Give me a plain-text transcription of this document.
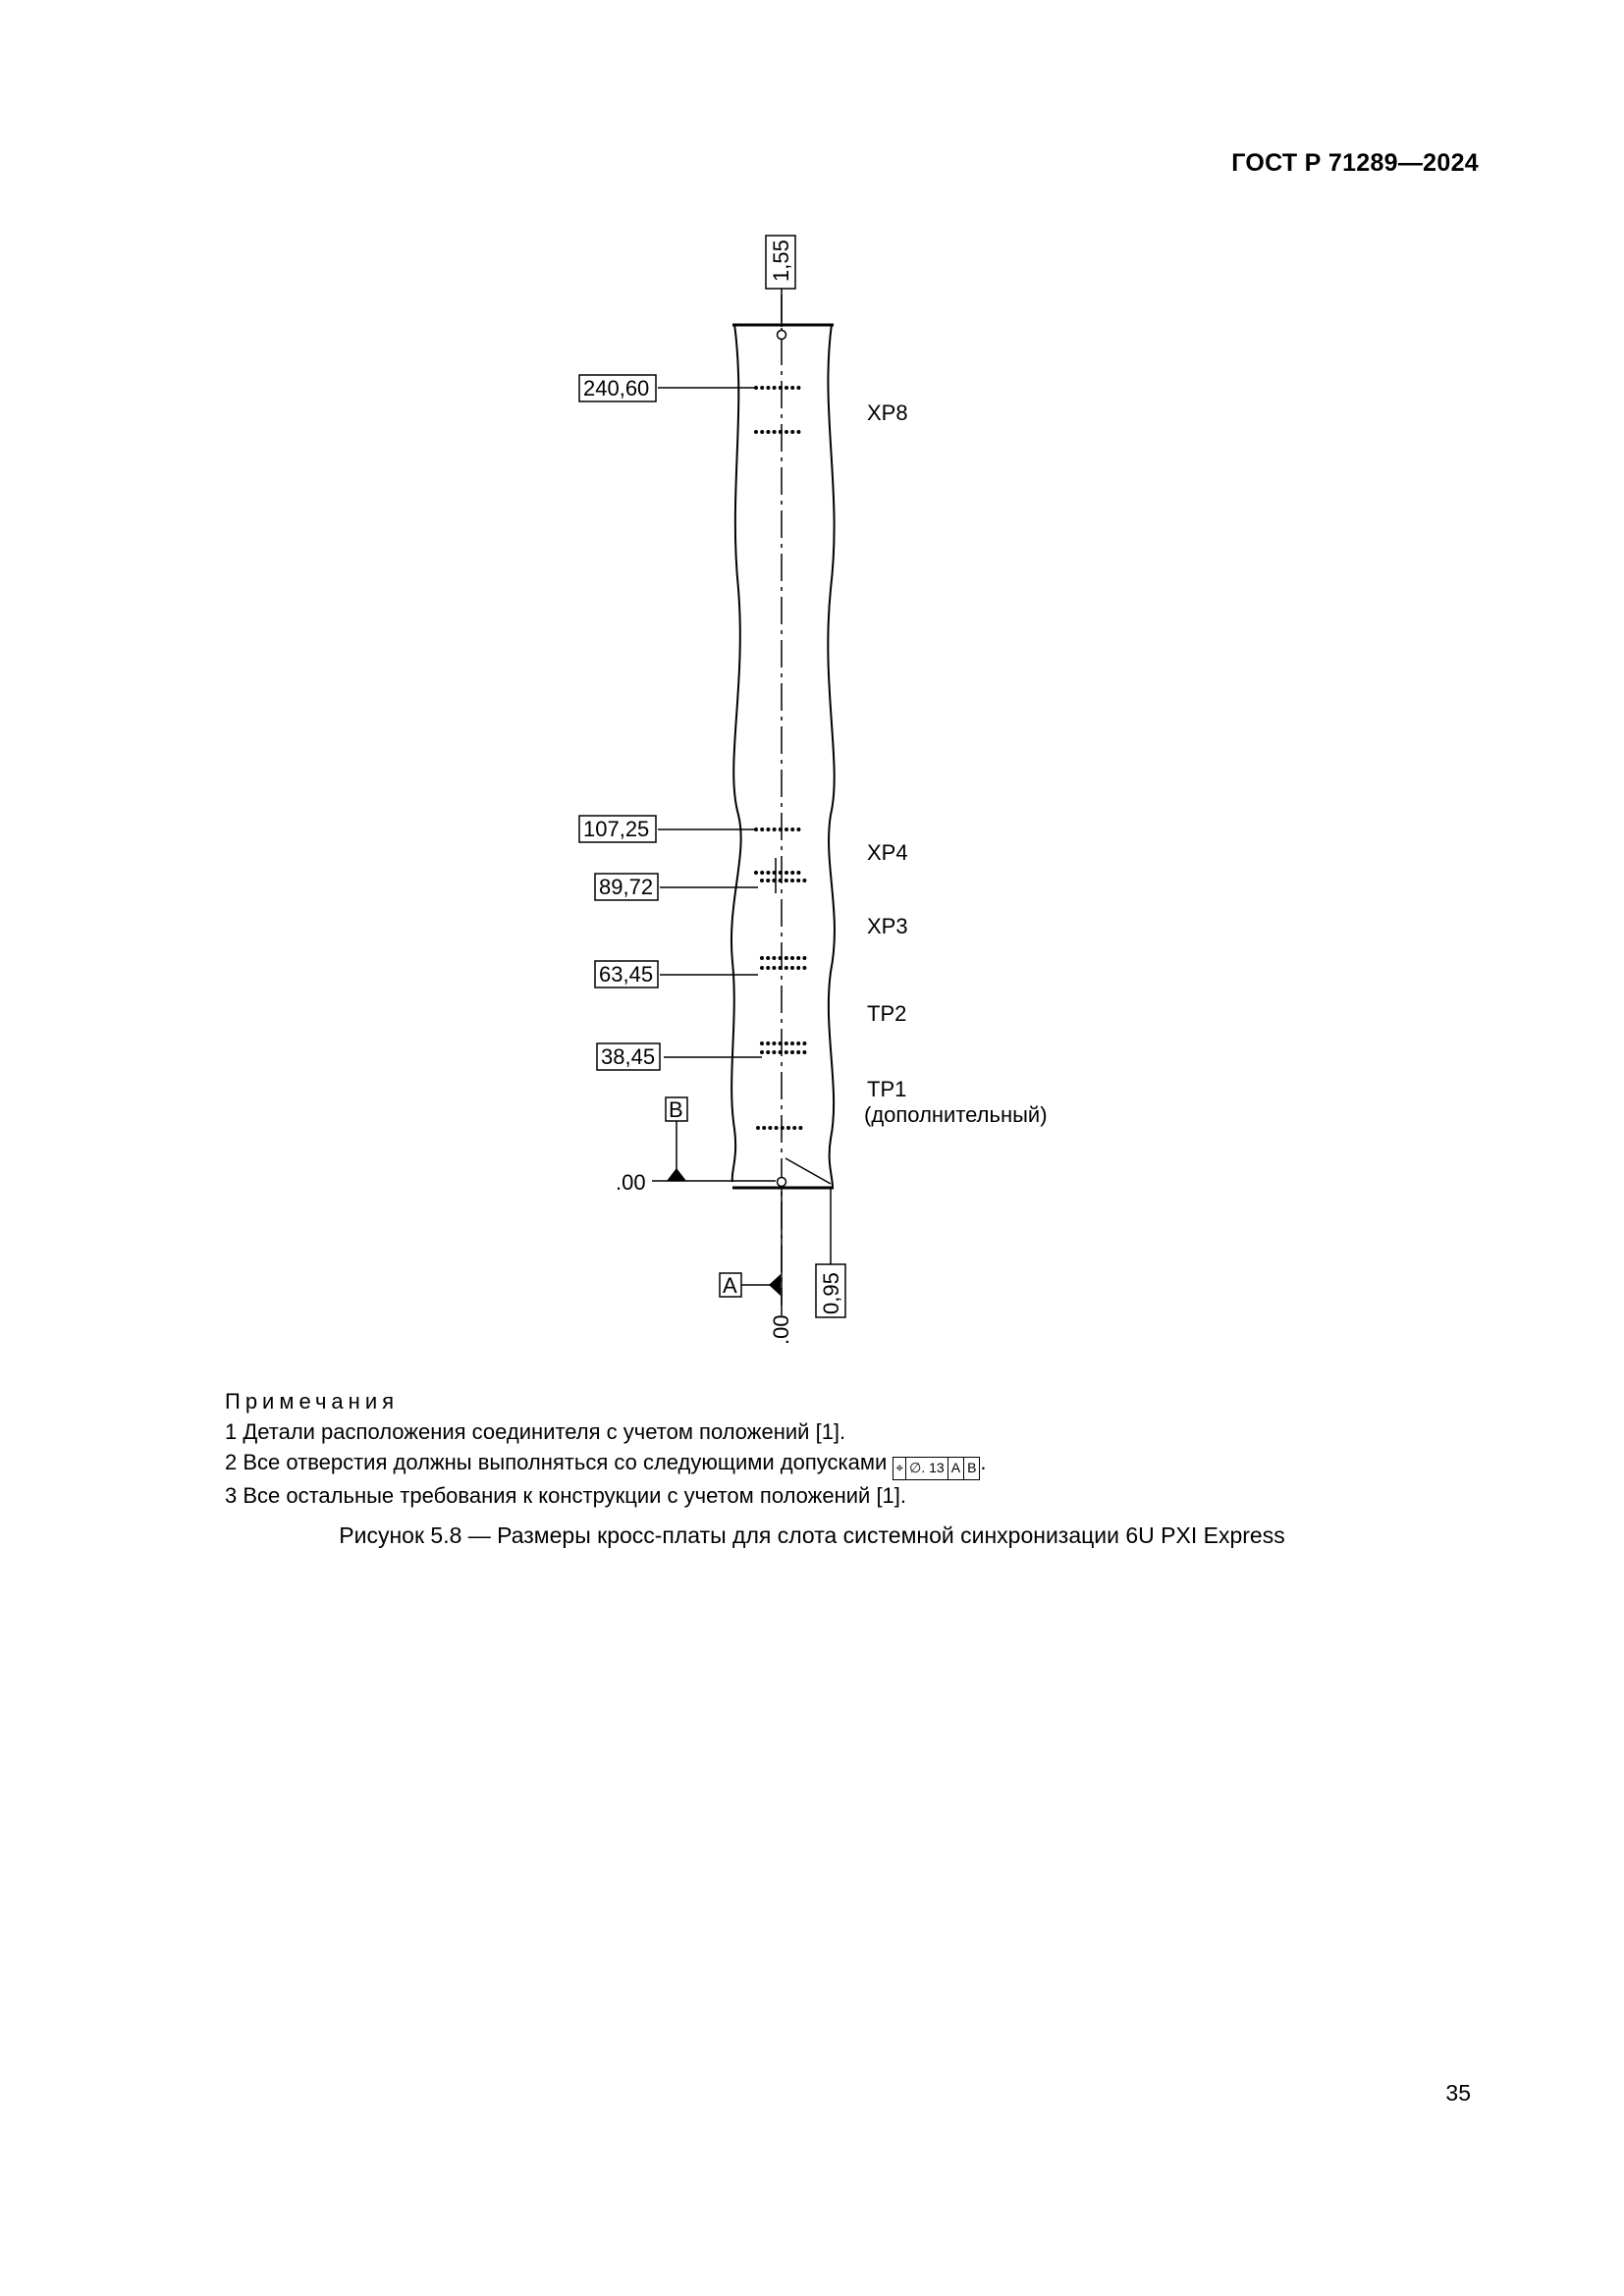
ГОСТ Р 71289—2024
1,55
240,60
107,25
89,72
63,45
38,45
XP8
XP4
XP3
TP2
TP1
(дополнительный)
B
.00
A
.00
0,95

Примечания

1 Детали расположения соединителя с учетом положений [1].

2 Все отверстия должны выполняться со следующими допусками ⌖ ∅. 13 A B .

3 Все остальные требования к конструкции с учетом положений [1].

Рисунок 5.8 — Размеры кросс-платы для слота системной синхронизации 6U PXI Express
35
